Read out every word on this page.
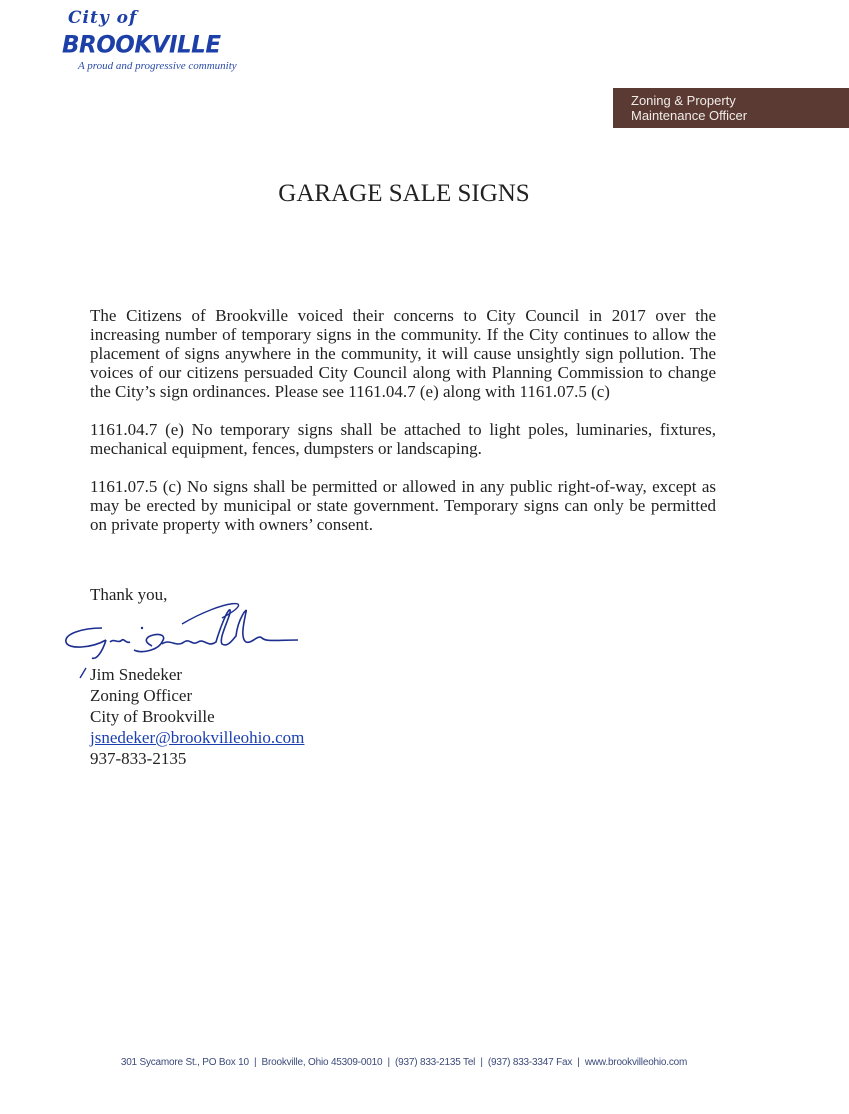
City of
BROOKVILLE
A proud and progressive community
Zoning & Property
Maintenance Officer
GARAGE SALE SIGNS

The Citizens of Brookville voiced their concerns to City Council in 2017 over the increasing number of temporary signs in the community. If the City continues to allow the placement of signs anywhere in the community, it will cause unsightly sign pollution. The voices of our citizens persuaded City Council along with Planning Commission to change the City’s sign ordinances. Please see 1161.04.7 (e) along with 1161.07.5 (c)

1161.04.7 (e) No temporary signs shall be attached to light poles, luminaries, fixtures, mechanical equipment, fences, dumpsters or landscaping.

1161.07.5 (c) No signs shall be permitted or allowed in any public right-of-way, except as may be erected by municipal or state government. Temporary signs can only be permitted on private property with owners’ consent.

Thank you,
Jim Snedeker
Zoning Officer
City of Brookville
jsnedeker@brookvilleohio.com
937-833-2135
301 Sycamore St., PO Box 10  |  Brookville, Ohio 45309-0010  |  (937) 833-2135 Tel  |  (937) 833-3347 Fax  |  www.brookvilleohio.com
